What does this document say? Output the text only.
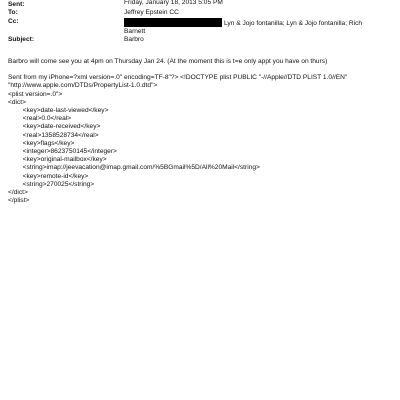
Sent:	Friday, January 18, 2013 5:05 PM
To:	Jeffrey Epstein CC
Cc:	Lyn & Jojo fontanilla; Lyn & Jojo fontanilla; Rich
Barnett
Subject:	Barbro

Barbro will come see you at 4pm on Thursday Jan 24. (At the moment this is t=e only appt you have on thurs)

Sent from my iPhone=?xml version=.0" encoding=TF-8"?> <!DOCTYPE plist PUBLIC "-//Apple//DTD PLIST 1.0//EN"

"http://www.apple.com/DTDs/PropertyList-1.0.dtd">

<plist version=.0">

<dict>

<key>date-last-viewed</key>

<real>0.0</real>

<key>date-received</key>

<real>1358528734</real>

<key>flags</key>

<integer>8623750145</integer>

<key>original-mailbox</key>

<string>imap://jeevacation@imap.gmail.com/%5BGmail%5D/All%20Mail</string>

<key>remote-id</key>

<string>270025</string>

</dict>

</plist>
